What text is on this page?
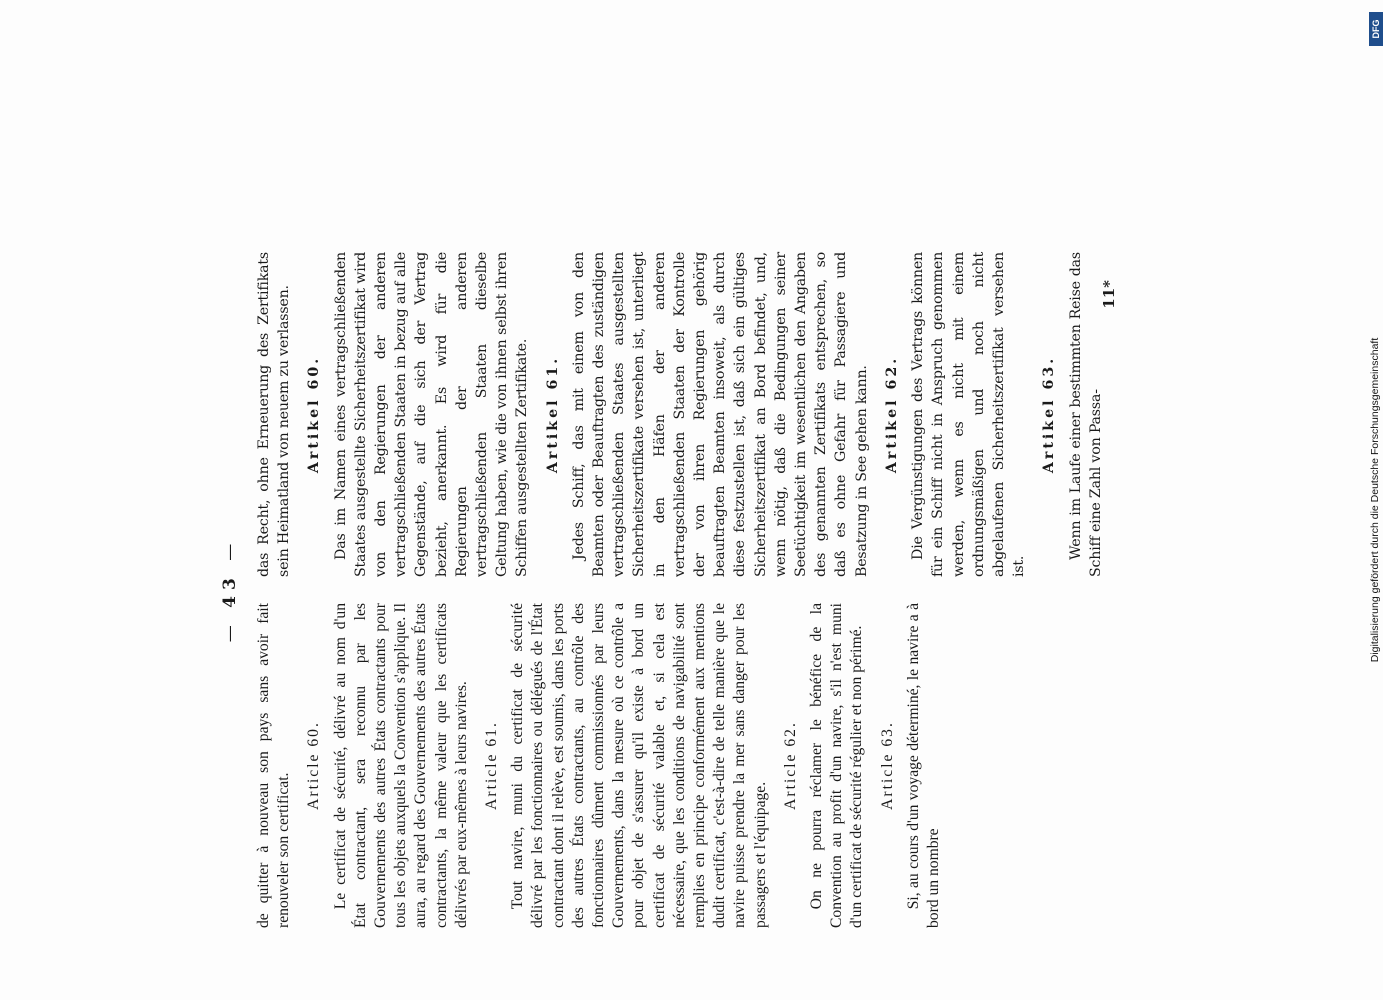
— 43 —

de quitter à nouveau son pays sans avoir fait renouveler son certificat.

Article 60. Le certificat de sécurité, délivré au nom d'un État contractant, sera reconnu par les Gouvernements des autres États contractants pour tous les objets auxquels la Convention s'applique. Il aura, au regard des Gouvernements des autres États contractants, la même valeur que les certificats délivrés par eux-mêmes à leurs navires. Article 61. Tout navire, muni du certificat de sécurité délivré par les fonctionnaires ou délégués de l'État contractant dont il relève, est soumis, dans les ports des autres États contractants, au contrôle des fonctionnaires dûment commissionnés par leurs Gouvernements, dans la mesure où ce contrôle a pour objet de s'assurer qu'il existe à bord un certificat de sécurité valable et, si cela est nécessaire, que les conditions de navigabilité sont remplies en principe conformément aux mentions dudit certificat, c'est-à-dire de telle manière que le navire puisse prendre la mer sans danger pour les passagers et l'équipage.

Article 62. On ne pourra réclamer le bénéfice de la Convention au profit d'un navire, s'il n'est muni d'un certificat de sécurité régulier et non périmé. Article 63. Si, au cours d'un voyage déterminé, le navire a à bord un nombre

das Recht, ohne Erneuerung des Zertifikats sein Heimatland von neuem zu verlassen. Artikel 60. Das im Namen eines vertragschließenden Staates ausgestellte Sicherheitszertifikat wird von den Regierungen der anderen vertragschließenden Staaten in bezug auf alle Gegenstände, auf die sich der Vertrag bezieht, anerkannt. Es wird für die Regierungen der anderen vertragschließenden Staaten dieselbe Geltung haben, wie die von ihnen selbst ihren Schiffen ausgestellten Zertifikate. Artikel 61. Jedes Schiff, das mit einem von den Beamten oder Beauftragten des zuständigen vertragschließenden Staates ausgestellten Sicherheitszertifikate versehen ist, unterliegt in den Häfen der anderen vertragschließenden Staaten der Kontrolle der von ihren Regierungen gehörig beauftragten Beamten insoweit, als durch diese festzustellen ist, daß sich ein gültiges Sicherheitszertifikat an Bord befindet, und, wenn nötig, daß die Bedingungen seiner Seetüchtigkeit im wesentlichen den Angaben des genannten Zertifikats entsprechen, so daß es ohne Gefahr für Passagiere und Besatzung in See gehen kann. Artikel 62. Die Vergünstigungen des Vertrags können für ein Schiff nicht in Anspruch genommen werden, wenn es nicht mit einem ordnungsmäßigen und noch nicht abgelaufenen Sicherheitszertifikat versehen ist.

Artikel 63. Wenn im Laufe einer bestimmten Reise das Schiff eine Zahl von Passa-

11*
Digitalisierung gefördert durch die Deutsche Forschungsgemeinschaft
DFG
